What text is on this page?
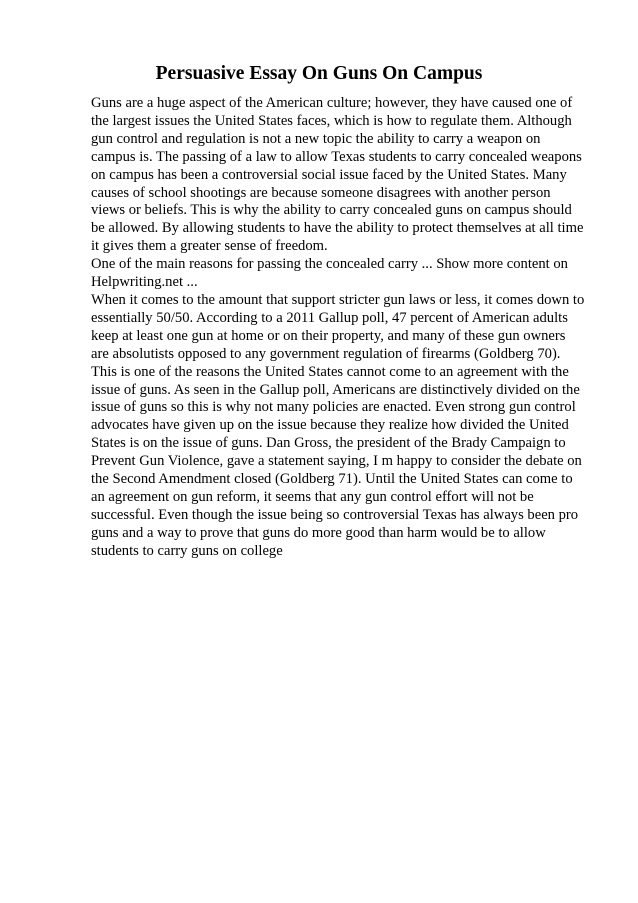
Persuasive Essay On Guns On Campus
Guns are a huge aspect of the American culture; however, they have caused one of
the largest issues the United States faces, which is how to regulate them. Although
gun control and regulation is not a new topic the ability to carry a weapon on
campus is. The passing of a law to allow Texas students to carry concealed weapons
on campus has been a controversial social issue faced by the United States. Many
causes of school shootings are because someone disagrees with another person
views or beliefs. This is why the ability to carry concealed guns on campus should
be allowed. By allowing students to have the ability to protect themselves at all time
it gives them a greater sense of freedom.
One of the main reasons for passing the concealed carry ... Show more content on
Helpwriting.net ...
When it comes to the amount that support stricter gun laws or less, it comes down to
essentially 50/50. According to a 2011 Gallup poll, 47 percent of American adults
keep at least one gun at home or on their property, and many of these gun owners
are absolutists opposed to any government regulation of firearms (Goldberg 70).
This is one of the reasons the United States cannot come to an agreement with the
issue of guns. As seen in the Gallup poll, Americans are distinctively divided on the
issue of guns so this is why not many policies are enacted. Even strong gun control
advocates have given up on the issue because they realize how divided the United
States is on the issue of guns. Dan Gross, the president of the Brady Campaign to
Prevent Gun Violence, gave a statement saying, I m happy to consider the debate on
the Second Amendment closed (Goldberg 71). Until the United States can come to
an agreement on gun reform, it seems that any gun control effort will not be
successful. Even though the issue being so controversial Texas has always been pro
guns and a way to prove that guns do more good than harm would be to allow
students to carry guns on college
